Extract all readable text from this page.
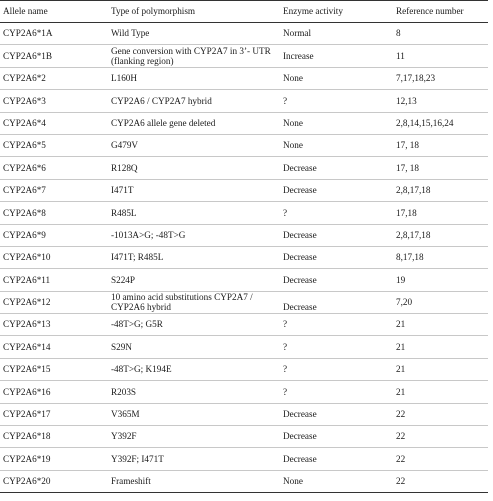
Allele name	Type of polymorphism	Enzyme activity	Reference number
CYP2A6*1A	Wild Type	Normal	8
CYP2A6*1B	Gene conversion with CYP2A7 in 3’- UTR (flanking region)	Increase	11
CYP2A6*2	L160H	None	7,17,18,23
CYP2A6*3	CYP2A6 / CYP2A7 hybrid	?	12,13
CYP2A6*4	CYP2A6 allele gene deleted	None	2,8,14,15,16,24
CYP2A6*5	G479V	None	17, 18
CYP2A6*6	R128Q	Decrease	17, 18
CYP2A6*7	I471T	Decrease	2,8,17,18
CYP2A6*8	R485L	?	17,18
CYP2A6*9	-1013A>G; -48T>G	Decrease	2,8,17,18
CYP2A6*10	I471T; R485L	Decrease	8,17,18
CYP2A6*11	S224P	Decrease	19
CYP2A6*12	10 amino acid substitutions CYP2A7 / CYP2A6 hybrid	Decrease	7,20
CYP2A6*13	-48T>G; G5R	?	21
CYP2A6*14	S29N	?	21
CYP2A6*15	-48T>G; K194E	?	21
CYP2A6*16	R203S	?	21
CYP2A6*17	V365M	Decrease	22
CYP2A6*18	Y392F	Decrease	22
CYP2A6*19	Y392F; I471T	Decrease	22
CYP2A6*20	Frameshift	None	22
